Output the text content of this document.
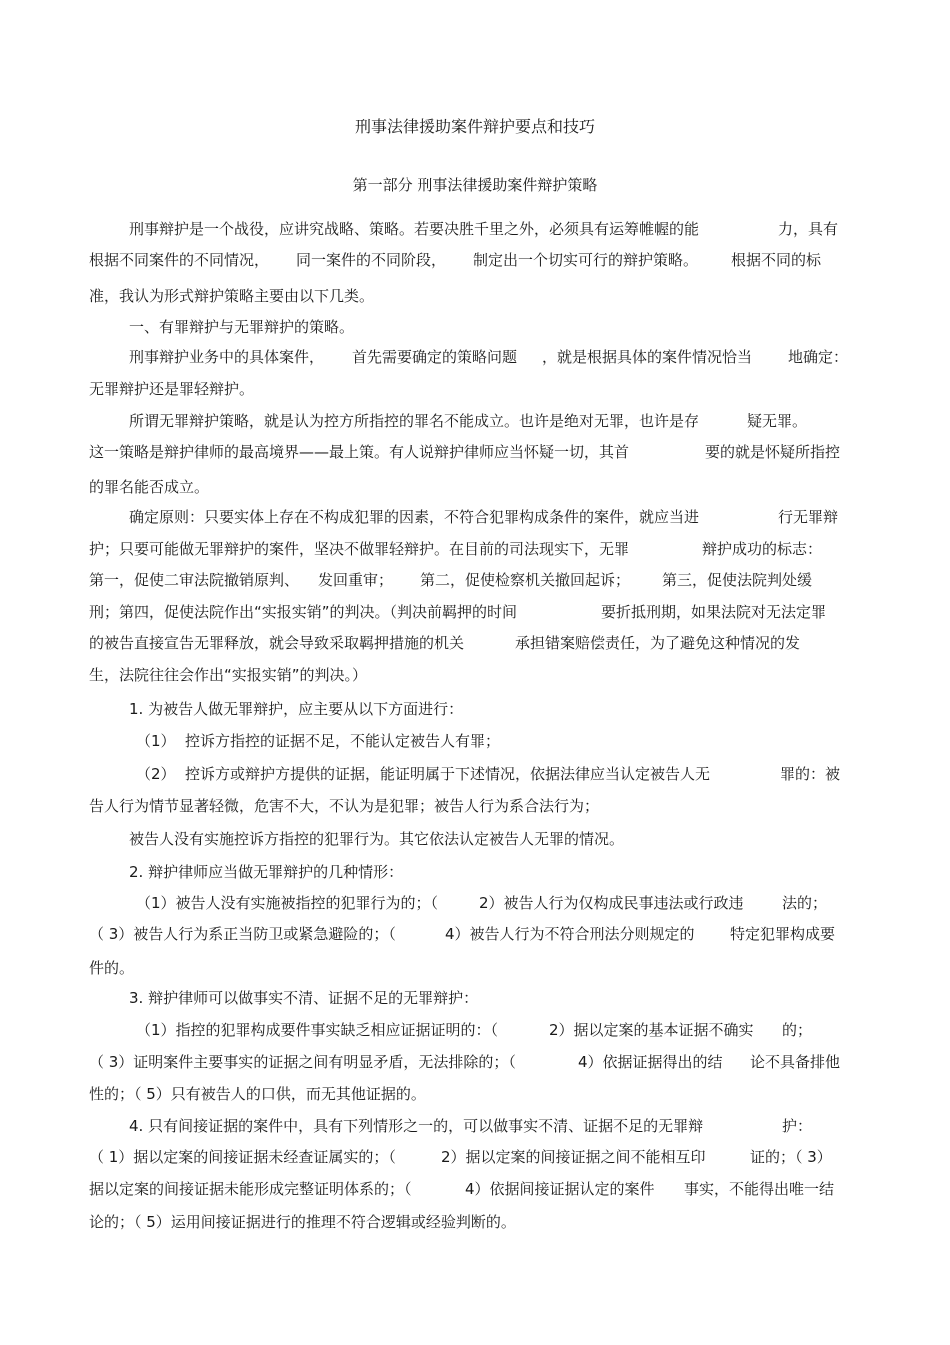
刑事法律援助案件辩护要点和技巧
第一部分 刑事法律援助案件辩护策略
刑事辩护是一个战役，应讲究战略、策略。若要决胜千里之外，必须具有运筹帷幄的能	力，具有
根据不同案件的不同情况， 同一案件的不同阶段， 制定出一个切实可行的辩护策略。 根据不同的标
准，我认为形式辩护策略主要由以下几类。
一、有罪辩护与无罪辩护的策略。
刑事辩护业务中的具体案件， 首先需要确定的策略问题 ，就是根据具体的案件情况恰当 地确定：
无罪辩护还是罪轻辩护。
所谓无罪辩护策略，就是认为控方所指控的罪名不能成立。也许是绝对无罪，也许是存	疑无罪。
这一策略是辩护律师的最高境界——最上策。有人说辩护律师应当怀疑一切，其首	要的就是怀疑所指控
的罪名能否成立。
确定原则：只要实体上存在不构成犯罪的因素，不符合犯罪构成条件的案件，就应当进	行无罪辩
护；只要可能做无罪辩护的案件，坚决不做罪轻辩护。在目前的司法现实下，无罪	辩护成功的标志：
第一，促使二审法院撤销原判、 发回重审； 第二，促使检察机关撤回起诉； 第三，促使法院判处缓
刑；第四，促使法院作出“实报实销”的判决。（判决前羁押的时间	要折抵刑期，如果法院对无法定罪
的被告直接宣告无罪释放，就会导致采取羁押措施的机关	承担错案赔偿责任，为了避免这种情况的发
生，法院往往会作出“实报实销”的判决。）
1. 为被告人做无罪辩护，应主要从以下方面进行：
（1） 控诉方指控的证据不足，不能认定被告人有罪；
（2） 控诉方或辩护方提供的证据，能证明属于下述情况，依据法律应当认定被告人无	罪的：被
告人行为情节显著轻微，危害不大，不认为是犯罪；被告人行为系合法行为；
被告人没有实施控诉方指控的犯罪行为。其它依法认定被告人无罪的情况。
2. 辩护律师应当做无罪辩护的几种情形：
（1）被告人没有实施被指控的犯罪行为的；（	2）被告人行为仅构成民事违法或行政违	法的；
（ 3）被告人行为系正当防卫或紧急避险的；（	4）被告人行为不符合刑法分则规定的 特定犯罪构成要
件的。
3. 辩护律师可以做事实不清、证据不足的无罪辩护：
（1）指控的犯罪构成要件事实缺乏相应证据证明的：（	2）据以定案的基本证据不确实 的；
（ 3）证明案件主要事实的证据之间有明显矛盾，无法排除的；（	4）依据证据得出的结 论不具备排他
性的；（ 5）只有被告人的口供，而无其他证据的。
4. 只有间接证据的案件中，具有下列情形之一的，可以做事实不清、证据不足的无罪辩	护：
（ 1）据以定案的间接证据未经查证属实的；（	2）据以定案的间接证据之间不能相互印	证的；（ 3）
据以定案的间接证据未能形成完整证明体系的；（	4）依据间接证据认定的案件 事实，不能得出唯一结
论的；（ 5）运用间接证据进行的推理不符合逻辑或经验判断的。
